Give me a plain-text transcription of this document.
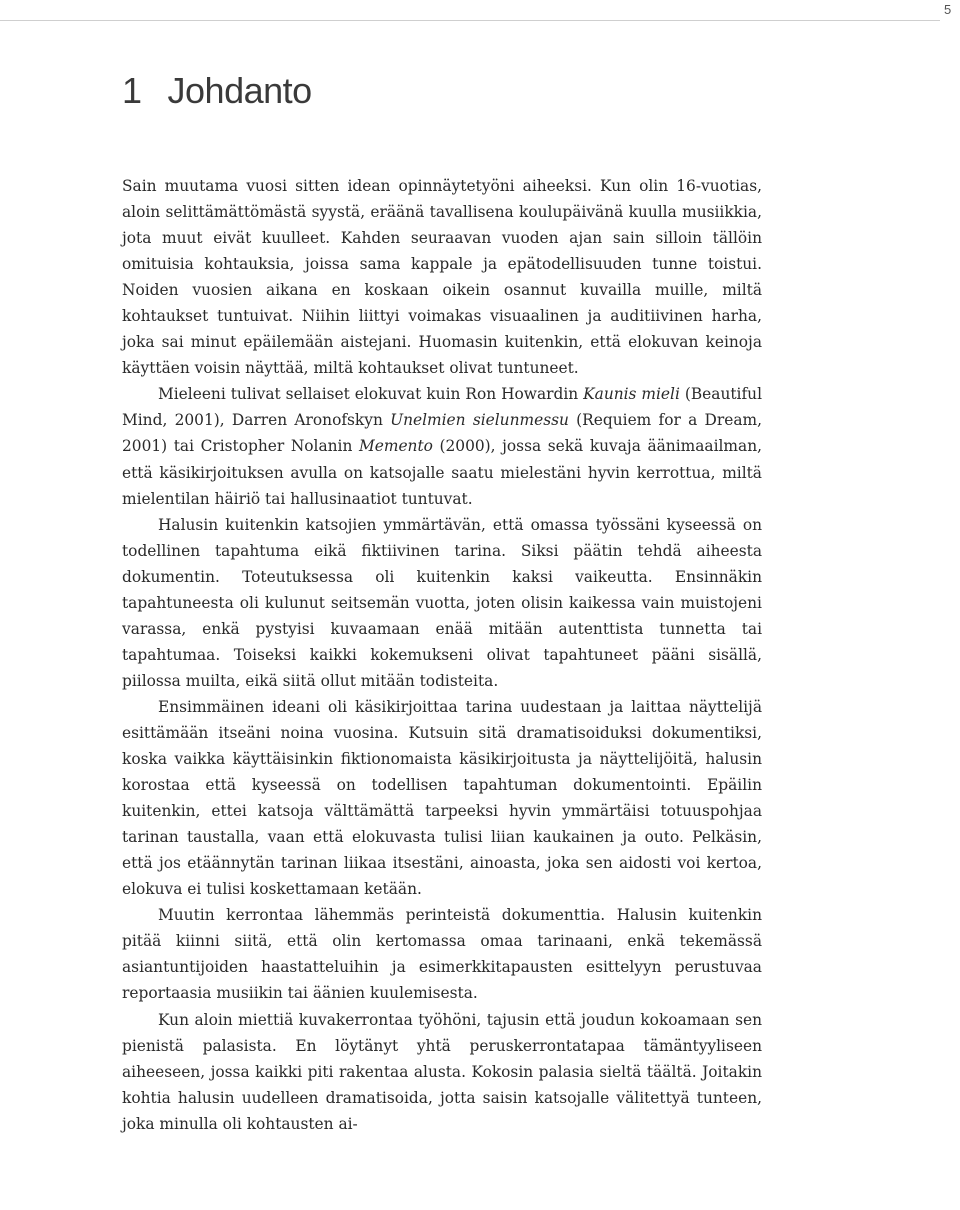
5
1 Johdanto

Sain muutama vuosi sitten idean opinnäytetyöni aiheeksi. Kun olin 16-vuotias, aloin selittämättömästä syystä, eräänä tavallisena koulupäivänä kuulla musiikkia, jota muut eivät kuulleet. Kahden seuraavan vuoden ajan sain silloin tällöin omituisia kohtauksia, joissa sama kappale ja epätodellisuuden tunne toistui. Noiden vuosien aikana en koskaan oikein osannut kuvailla muille, miltä kohtaukset tuntuivat. Niihin liittyi voimakas visuaalinen ja auditiivinen harha, joka sai minut epäilemään aistejani. Huomasin kuitenkin, että elokuvan keinoja käyttäen voisin näyttää, miltä kohtaukset olivat tuntuneet.

Mieleeni tulivat sellaiset elokuvat kuin Ron Howardin Kaunis mieli (Beautiful Mind, 2001), Darren Aronofskyn Unelmien sielunmessu (Requiem for a Dream, 2001) tai Cristopher Nolanin Memento (2000), jossa sekä kuvaja äänimaailman, että käsikirjoituksen avulla on katsojalle saatu mielestäni hyvin kerrottua, miltä mielentilan häiriö tai hallusinaatiot tuntuvat.

Halusin kuitenkin katsojien ymmärtävän, että omassa työssäni kyseessä on todellinen tapahtuma eikä fiktiivinen tarina. Siksi päätin tehdä aiheesta dokumentin. Toteutuksessa oli kuitenkin kaksi vaikeutta. Ensinnäkin tapahtuneesta oli kulunut seitsemän vuotta, joten olisin kaikessa vain muistojeni varassa, enkä pystyisi kuvaamaan enää mitään autenttista tunnetta tai tapahtumaa. Toiseksi kaikki kokemukseni olivat tapahtuneet pääni sisällä, piilossa muilta, eikä siitä ollut mitään todisteita.

Ensimmäinen ideani oli käsikirjoittaa tarina uudestaan ja laittaa näyttelijä esittämään itseäni noina vuosina. Kutsuin sitä dramatisoiduksi dokumentiksi, koska vaikka käyttäisinkin fiktionomaista käsikirjoitusta ja näyttelijöitä, halusin korostaa että kyseessä on todellisen tapahtuman dokumentointi. Epäilin kuitenkin, ettei katsoja välttämättä tarpeeksi hyvin ymmärtäisi totuuspohjaa tarinan taustalla, vaan että elokuvasta tulisi liian kaukainen ja outo. Pelkäsin, että jos etäännytän tarinan liikaa itsestäni, ainoasta, joka sen aidosti voi kertoa, elokuva ei tulisi koskettamaan ketään.

Muutin kerrontaa lähemmäs perinteistä dokumenttia. Halusin kuitenkin pitää kiinni siitä, että olin kertomassa omaa tarinaani, enkä tekemässä asiantuntijoiden haastatteluihin ja esimerkkitapausten esittelyyn perustuvaa reportaasia musiikin tai äänien kuulemisesta.

Kun aloin miettiä kuvakerrontaa työhöni, tajusin että joudun kokoamaan sen pienistä palasista. En löytänyt yhtä peruskerrontatapaa tämäntyyliseen aiheeseen, jossa kaikki piti rakentaa alusta. Kokosin palasia sieltä täältä. Joitakin kohtia halusin uudelleen dramatisoida, jotta saisin katsojalle välitettyä tunteen, joka minulla oli kohtausten ai-
